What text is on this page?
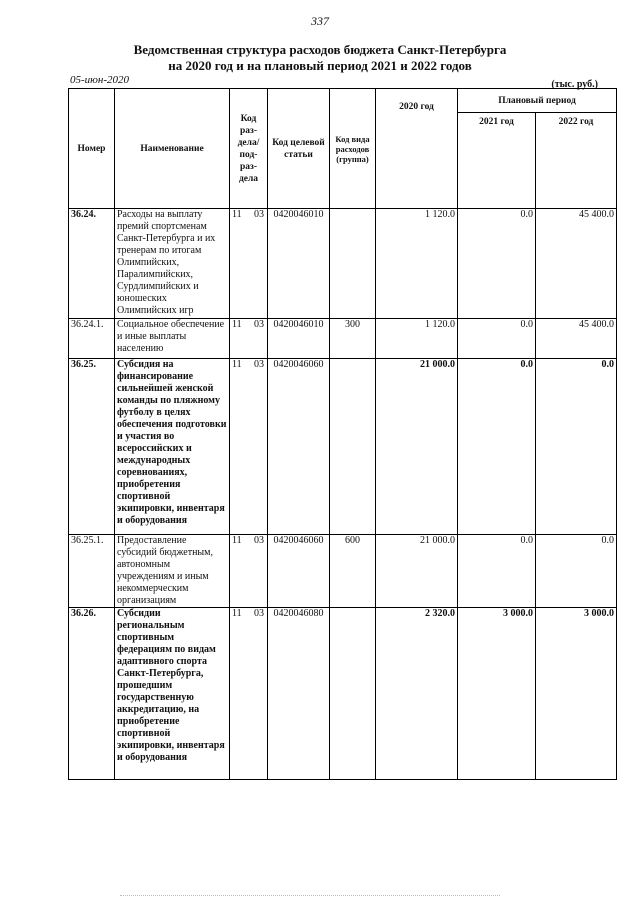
337
Ведомственная структура расходов бюджета Санкт-Петербурга
на 2020 год и на плановый период 2021 и 2022 годов
05-июн-2020	(тыс. руб.)
Номер	Наименование	Код раз-дела/ под-раз-дела	Код целевой статьи	Код вида расходов (группа)	2020 год	Плановый период	
						2021 год	2022 год
36.24.	Расходы на выплату премий спортсменам Санкт-Петербурга и их тренерам по итогам Олимпийских, Паралимпийских, Сурдлимпийских и юношеских Олимпийских игр	11 03	0420046010		1 120.0	0.0	45 400.0
36.24.1.	Социальное обеспечение и иные выплаты населению	11 03	0420046010	300	1 120.0	0.0	45 400.0
36.25.	Субсидия на финансирование сильнейшей женской команды по пляжному футболу в целях обеспечения подготовки и участия во всероссийских и международных соревнованиях, приобретения спортивной экипировки, инвентаря и оборудования	11 03	0420046060		21 000.0	0.0	0.0
36.25.1.	Предоставление субсидий бюджетным, автономным учреждениям и иным некоммерческим организациям	11 03	0420046060	600	21 000.0	0.0	0.0
36.26.	Субсидии региональным спортивным федерациям по видам адаптивного спорта Санкт-Петербурга, прошедшим государственную аккредитацию, на приобретение спортивной экипировки, инвентаря и оборудования	11 03	0420046080		2 320.0	3 000.0	3 000.0
